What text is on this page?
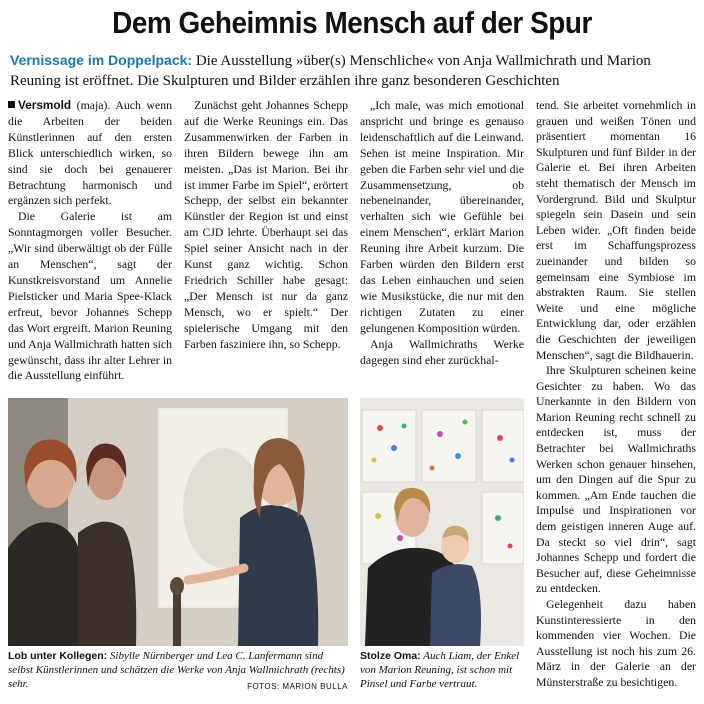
Dem Geheimnis Mensch auf der Spur
Vernissage im Doppelpack: Die Ausstellung »über(s) Menschliche« von Anja Wallmichrath und Marion Reuning ist eröffnet. Die Skulpturen und Bilder erzählen ihre ganz besonderen Geschichten

Versmold (maja). Auch wenn die Arbeiten der beiden Künstlerinnen auf den ersten Blick unterschiedlich wirken, so sind sie doch bei genauerer Betrachtung harmonisch und ergänzen sich perfekt.

Die Galerie ist am Sonntagmorgen voller Besucher. „Wir sind überwältigt ob der Fülle an Menschen“, sagt der Kunstkreisvorstand um Annelie Pielsticker und Maria Spee-Klack erfreut, bevor Johannes Schepp das Wort ergreift. Marion Reuning und Anja Wallmichrath hatten sich gewünscht, dass ihr alter Lehrer in die Ausstellung einführt.

Zunächst geht Johannes Schepp auf die Werke Reunings ein. Das Zusammenwirken der Farben in ihren Bildern bewege ihn am meisten. „Das ist Marion. Bei ihr ist immer Farbe im Spiel“, erörtert Schepp, der selbst ein bekannter Künstler der Region ist und einst am CJD lehrte. Überhaupt sei das Spiel seiner Ansicht nach in der Kunst ganz wichtig. Schon Friedrich Schiller habe gesagt: „Der Mensch ist nur da ganz Mensch, wo er spielt.“ Der spielerische Umgang mit den Farben fasziniere ihn, so Schepp.

„Ich male, was mich emotional anspricht und bringe es genauso leidenschaftlich auf die Leinwand. Sehen ist meine Inspiration. Mir geben die Farben sehr viel und die Zusammensetzung, ob nebeneinander, übereinander, verhalten sich wie Gefühle bei einem Menschen“, erklärt Marion Reuning ihre Arbeit kurzum. Die Farben würden den Bildern erst das Leben einhauchen und seien wie Musikstücke, die nur mit den richtigen Zutaten zu einer gelungenen Komposition würden.

Anja Wallmichraths Werke dagegen sind eher zurückhal-

tend. Sie arbeitet vornehmlich in grauen und weißen Tönen und präsentiert momentan 16 Skulpturen und fünf Bilder in der Galerie et. Bei ihren Arbeiten steht thematisch der Mensch im Vordergrund. Bild und Skulptur spiegeln sein Dasein und sein Leben wider. „Oft finden beide erst im Schaffungsprozess zueinander und bilden so gemeinsam eine Symbiose im abstrakten Raum. Sie stellen Weite und eine mögliche Entwicklung dar, oder erzählen die Geschichten der jeweiligen Menschen“, sagt die Bildhauerin.

Ihre Skulpturen scheinen keine Gesichter zu haben. Wo das Unerkannte in den Bildern von Marion Reuning recht schnell zu entdecken ist, muss der Betrachter bei Wallmichraths Werken schon genauer hinsehen, um den Dingen auf die Spur zu kommen. „Am Ende tauchen die Impulse und Inspirationen vor dem geistigen inneren Auge auf. Da steckt so viel drin“, sagt Johannes Schepp und fordert die Besucher auf, diese Geheimnisse zu entdecken.

Gelegenheit dazu haben Kunstinteressierte in den kommenden vier Wochen. Die Ausstellung ist noch his zum 26. März in der Galerie an der Münsterstraße zu besichtigen.

Lob unter Kollegen: Sibylle Nürnberger und Lea C. Lanfermann sind selbst Künstlerinnen und schätzen die Werke von Anja Wallmichrath (rechts) sehr.	FOTOS: MARION BULLA
Stolze Oma: Auch Liam, der Enkel von Marion Reuning, ist schon mit Pinsel und Farbe vertraut.
